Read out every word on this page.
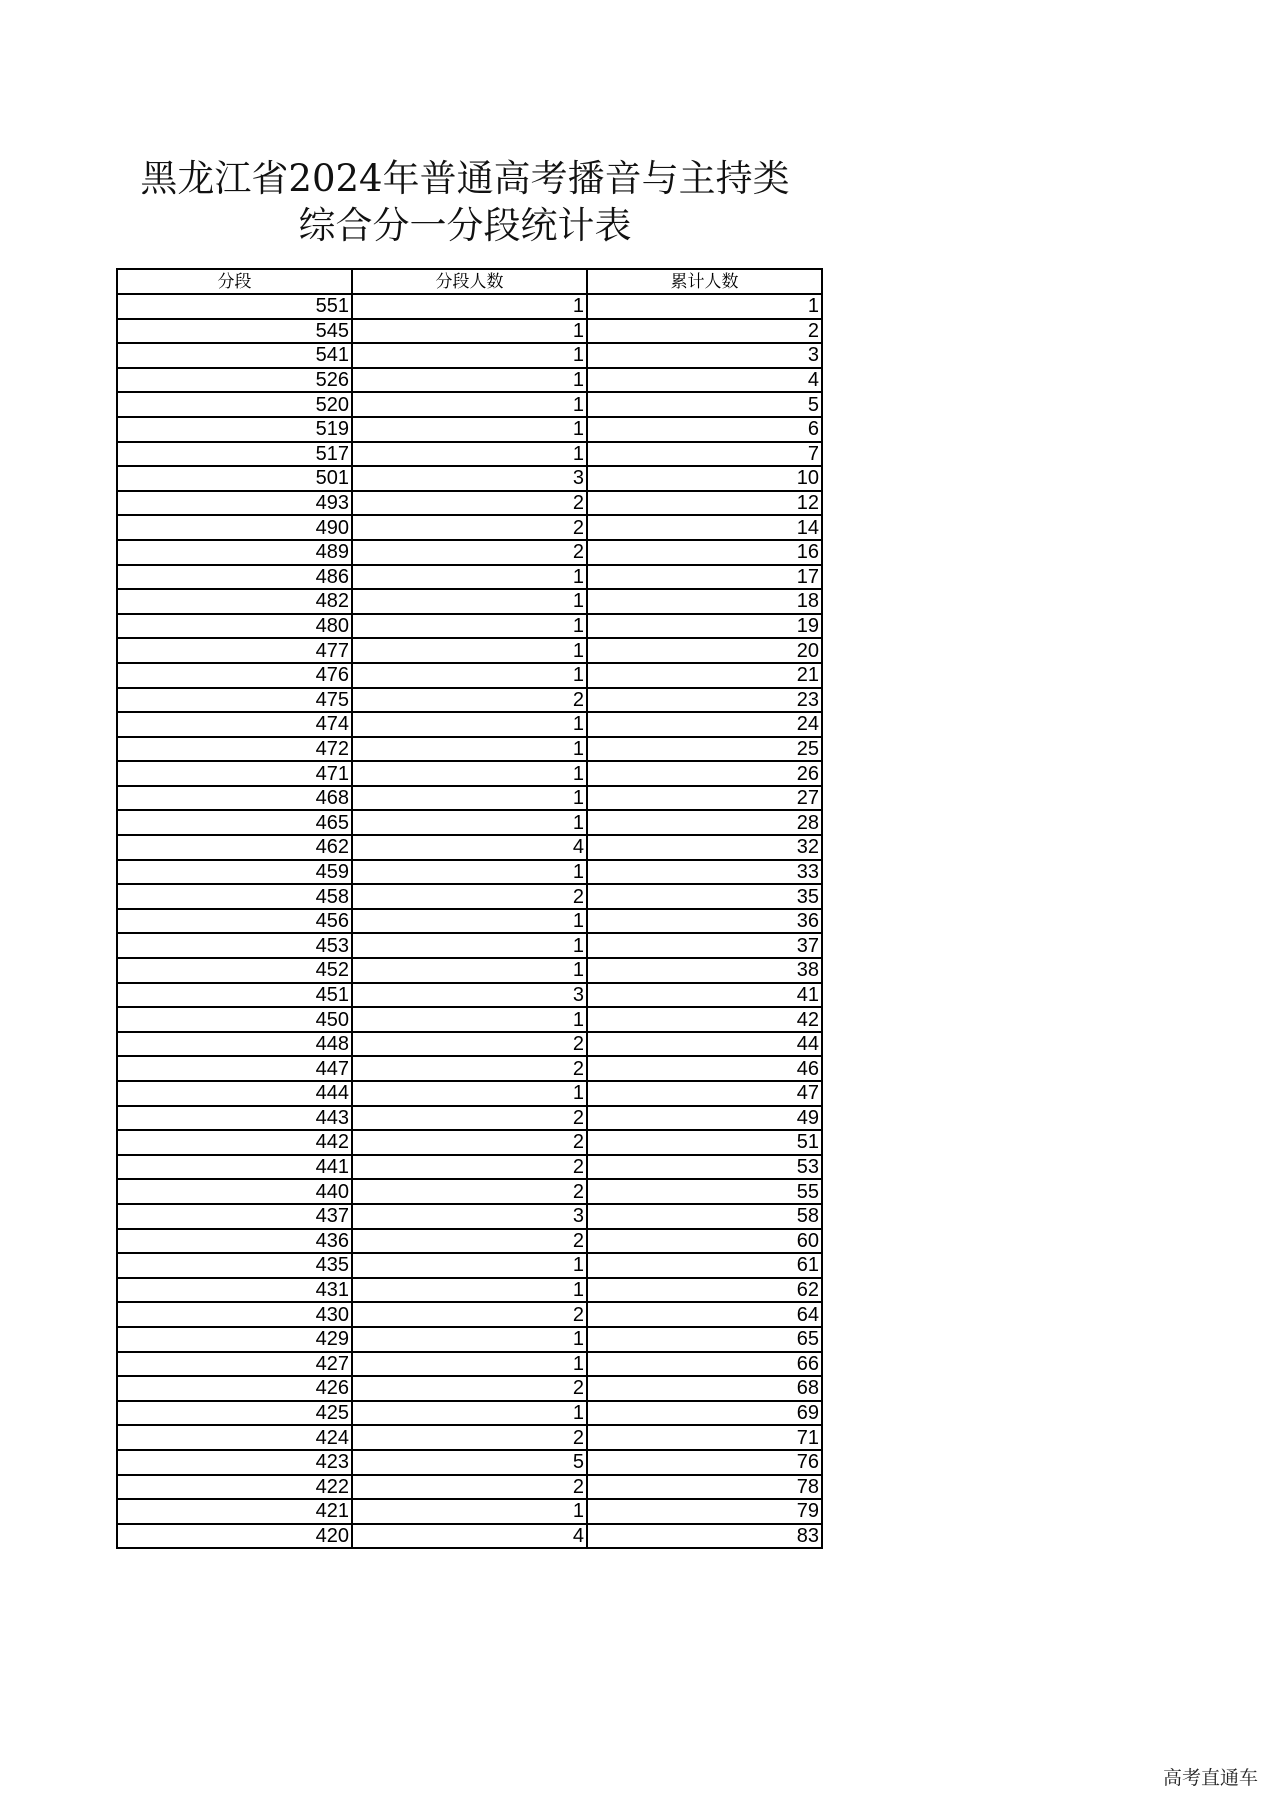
黑龙江省2024年普通高考播音与主持类
综合分一分段统计表
分段	分段人数	累计人数
551	1	1
545	1	2
541	1	3
526	1	4
520	1	5
519	1	6
517	1	7
501	3	10
493	2	12
490	2	14
489	2	16
486	1	17
482	1	18
480	1	19
477	1	20
476	1	21
475	2	23
474	1	24
472	1	25
471	1	26
468	1	27
465	1	28
462	4	32
459	1	33
458	2	35
456	1	36
453	1	37
452	1	38
451	3	41
450	1	42
448	2	44
447	2	46
444	1	47
443	2	49
442	2	51
441	2	53
440	2	55
437	3	58
436	2	60
435	1	61
431	1	62
430	2	64
429	1	65
427	1	66
426	2	68
425	1	69
424	2	71
423	5	76
422	2	78
421	1	79
420	4	83
高考直通车
